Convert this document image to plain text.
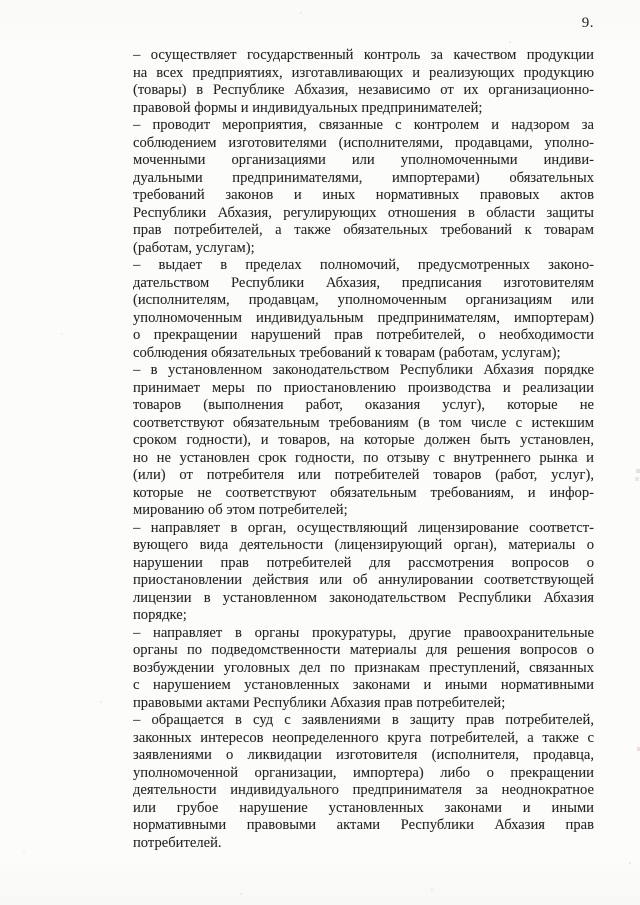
9.
– осуществляет государственный контроль за качеством продукции
на всех предприятиях, изготавливающих и реализующих продукцию
(товары) в Республике Абхазия, независимо от их организационно-
правовой формы и индивидуальных предпринимателей;
– проводит мероприятия, связанные с контролем и надзором за
соблюдением изготовителями (исполнителями, продавцами, уполно-
моченными организациями или уполномоченными индиви-
дуальными предпринимателями, импортерами) обязательных
требований законов и иных нормативных правовых актов
Республики Абхазия, регулирующих отношения в области защиты
прав потребителей, а также обязательных требований к товарам
(работам, услугам);
– выдает в пределах полномочий, предусмотренных законо-
дательством Республики Абхазия, предписания изготовителям
(исполнителям, продавцам, уполномоченным организациям или
уполномоченным индивидуальным предпринимателям, импортерам)
о прекращении нарушений прав потребителей, о необходимости
соблюдения обязательных требований к товарам (работам, услугам);
– в установленном законодательством Республики Абхазия порядке
принимает меры по приостановлению производства и реализации
товаров (выполнения работ, оказания услуг), которые не
соответствуют обязательным требованиям (в том числе с истекшим
сроком годности), и товаров, на которые должен быть установлен,
но не установлен срок годности, по отзыву с внутреннего рынка и
(или) от потребителя или потребителей товаров (работ, услуг),
которые не соответствуют обязательным требованиям, и инфор-
мированию об этом потребителей;
– направляет в орган, осуществляющий лицензирование соответст-
вующего вида деятельности (лицензирующий орган), материалы о
нарушении прав потребителей для рассмотрения вопросов о
приостановлении действия или об аннулировании соответствующей
лицензии в установленном законодательством Республики Абхазия
порядке;
– направляет в органы прокуратуры, другие правоохранительные
органы по подведомственности материалы для решения вопросов о
возбуждении уголовных дел по признакам преступлений, связанных
с нарушением установленных законами и иными нормативными
правовыми актами Республики Абхазия прав потребителей;
– обращается в суд с заявлениями в защиту прав потребителей,
законных интересов неопределенного круга потребителей, а также с
заявлениями о ликвидации изготовителя (исполнителя, продавца,
уполномоченной организации, импортера) либо о прекращении
деятельности индивидуального предпринимателя за неоднократное
или грубое нарушение установленных законами и иными
нормативными правовыми актами Республики Абхазия прав
потребителей.
